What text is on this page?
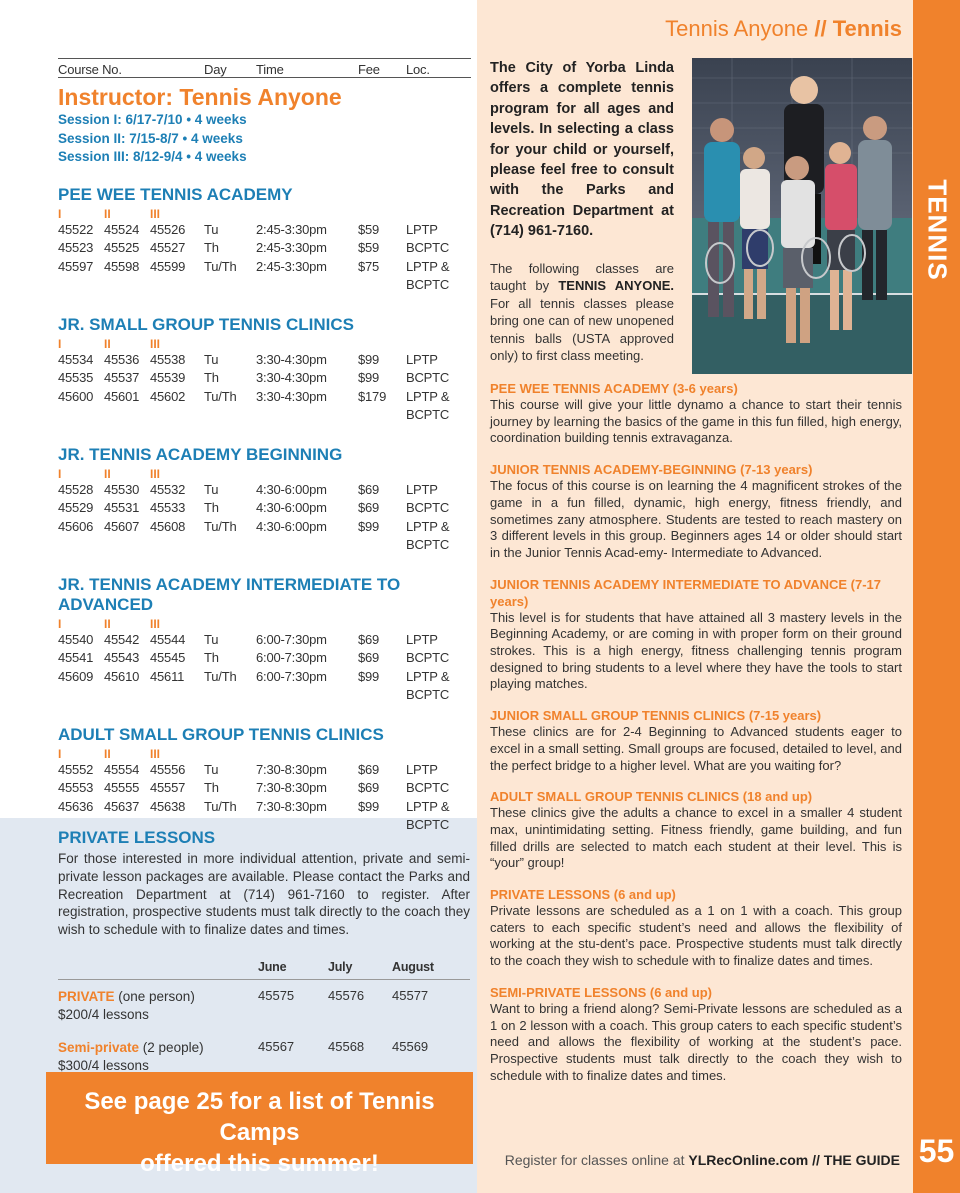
Tennis Anyone // Tennis
TENNIS
Course No.	Day Time	Fee Loc.
Instructor: Tennis Anyone
Session I: 6/17-7/10 • 4 weeks
Session II: 7/15-8/7 • 4 weeks
Session III: 8/12-9/4 • 4 weeks
PEE WEE TENNIS ACADEMY
I	II	III
45522 45524 45526 Tu	2:45-3:30pm $59 LPTP
45523 45525 45527 Th	2:45-3:30pm $59 BCPTC
45597 45598 45599 Tu/Th 2:45-3:30pm $75 LPTP & BCPTC
JR. SMALL GROUP TENNIS CLINICS
I	II	III
45534 45536 45538 Tu	3:30-4:30pm $99 LPTP
45535 45537 45539 Th	3:30-4:30pm $99 BCPTC
45600 45601 45602 Tu/Th 3:30-4:30pm $179 LPTP & BCPTC
JR. TENNIS ACADEMY BEGINNING
I	II	III
45528 45530 45532 Tu	4:30-6:00pm $69 LPTP
45529 45531 45533 Th	4:30-6:00pm $69 BCPTC
45606 45607 45608 Tu/Th 4:30-6:00pm $99 LPTP & BCPTC
JR. TENNIS ACADEMY INTERMEDIATE TO ADVANCED
I	II	III
45540 45542 45544 Tu	6:00-7:30pm $69 LPTP
45541 45543 45545 Th	6:00-7:30pm $69 BCPTC
45609 45610 45611 Tu/Th 6:00-7:30pm $99 LPTP & BCPTC
ADULT SMALL GROUP TENNIS CLINICS
I	II	III
45552 45554 45556 Tu	7:30-8:30pm $69 LPTP
45553 45555 45557 Th	7:30-8:30pm $69 BCPTC
45636 45637 45638 Tu/Th 7:30-8:30pm $99 LPTP & BCPTC
PRIVATE LESSONS

For those interested in more individual attention, private and semi-private lesson packages are available. Please contact the Parks and Recreation Department at (714) 961-7160 to register. After registration, prospective students must talk directly to the coach they wish to schedule with to finalize dates and times.

June	July	August
PRIVATE (one person)
$200/4 lessons
45575	45576 45577
Semi-private (2 people)
$300/4 lessons
45567	45568 45569
See page 25 for a list of Tennis Camps
offered this summer!

The City of Yorba Linda offers a complete tennis program for all ages and levels. In selecting a class for your child or yourself, please feel free to consult with the Parks and Recreation Department at (714) 961-7160.

The following classes are taught by TENNIS ANYONE. For all tennis classes please bring one can of new unopened tennis balls (USTA approved only) to first class meeting.

PEE WEE TENNIS ACADEMY (3-6 years)

This course will give your little dynamo a chance to start their tennis journey by learning the basics of the game in this fun filled, high energy, coordination building tennis extravaganza.

JUNIOR TENNIS ACADEMY-BEGINNING (7-13 years)

The focus of this course is on learning the 4 magnificent strokes of the game in a fun filled, dynamic, high energy, fitness friendly, and sometimes zany atmosphere. Students are tested to reach mastery on 3 different levels in this group. Beginners ages 14 or older should start in the Junior Tennis Acad-emy- Intermediate to Advanced.

JUNIOR TENNIS ACADEMY INTERMEDIATE TO ADVANCE (7-17 years)

This level is for students that have attained all 3 mastery levels in the Beginning Academy, or are coming in with proper form on their ground strokes. This is a high energy, fitness challenging tennis program designed to bring students to a level where they have the tools to start playing matches.

JUNIOR SMALL GROUP TENNIS CLINICS (7-15 years)

These clinics are for 2-4 Beginning to Advanced students eager to excel in a small setting. Small groups are focused, detailed to level, and the perfect bridge to a higher level. What are you waiting for?

ADULT SMALL GROUP TENNIS CLINICS (18 and up)

These clinics give the adults a chance to excel in a smaller 4 student max, unintimidating setting. Fitness friendly, game building, and fun filled drills are selected to match each student at their level. This is “your” group!

PRIVATE LESSONS (6 and up)

Private lessons are scheduled as a 1 on 1 with a coach. This group caters to each specific student’s need and allows the flexibility of working at the stu-dent’s pace. Prospective students must talk directly to the coach they wish to schedule with to finalize dates and times.

SEMI-PRIVATE LESSONS (6 and up)

Want to bring a friend along? Semi-Private lessons are scheduled as a 1 on 2 lesson with a coach. This group caters to each specific student’s need and allows the flexibility of working at the student’s pace. Prospective students must talk directly to the coach they wish to schedule with to finalize dates and times.

Register for classes online at YLRecOnline.com // THE GUIDE 55
